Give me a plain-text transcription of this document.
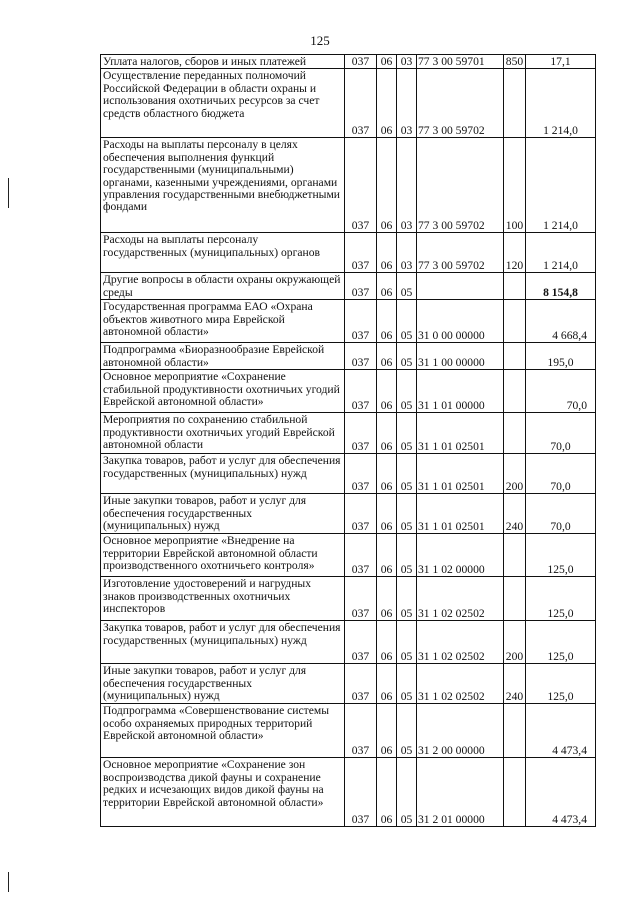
125
Уплата налогов, сборов и иных платежей	037	06	03	77 3 00 59701	850	17,1
Осуществление переданных полномочий Российской Федерации в области охраны и использования охотничьих ресурсов за счет средств областного бюджета	037	06	03	77 3 00 59702		1 214,0
Расходы на выплаты персоналу в целях обеспечения выполнения функций государственными (муниципальными) органами, казенными учреждениями, органами управления государственными внебюджетными фондами	037	06	03	77 3 00 59702	100	1 214,0
Расходы на выплаты персоналу государственных (муниципальных) органов	037	06	03	77 3 00 59702	120	1 214,0
Другие вопросы в области охраны окружающей среды	037	06	05			8 154,8
Государственная программа ЕАО «Охрана объектов животного мира Еврейской автономной области»	037	06	05	31 0 00 00000		4 668,4
Подпрограмма «Биоразнообразие Еврейской автономной области»	037	06	05	31 1 00 00000		195,0
Основное мероприятие «Сохранение стабильной продуктивности охотничьих угодий Еврейской автономной области»	037	06	05	31 1 01 00000		70,0
Мероприятия по сохранению стабильной продуктивности охотничьих угодий Еврейской автономной области	037	06	05	31 1 01 02501		70,0
Закупка товаров, работ и услуг для обеспечения государственных (муниципальных) нужд	037	06	05	31 1 01 02501	200	70,0
Иные закупки товаров, работ и услуг для обеспечения государственных (муниципальных) нужд	037	06	05	31 1 01 02501	240	70,0
Основное мероприятие «Внедрение на территории Еврейской автономной области производственного охотничьего контроля»	037	06	05	31 1 02 00000		125,0
Изготовление удостоверений и нагрудных знаков производственных охотничьих инспекторов	037	06	05	31 1 02 02502		125,0
Закупка товаров, работ и услуг для обеспечения государственных (муниципальных) нужд	037	06	05	31 1 02 02502	200	125,0
Иные закупки товаров, работ и услуг для обеспечения государственных (муниципальных) нужд	037	06	05	31 1 02 02502	240	125,0
Подпрограмма «Совершенствование системы особо охраняемых природных территорий Еврейской автономной области»	037	06	05	31 2 00 00000		4 473,4
Основное мероприятие «Сохранение зон воспроизводства дикой фауны и сохранение редких и исчезающих видов дикой фауны на территории Еврейской автономной области»	037	06	05	31 2 01 00000		4 473,4
